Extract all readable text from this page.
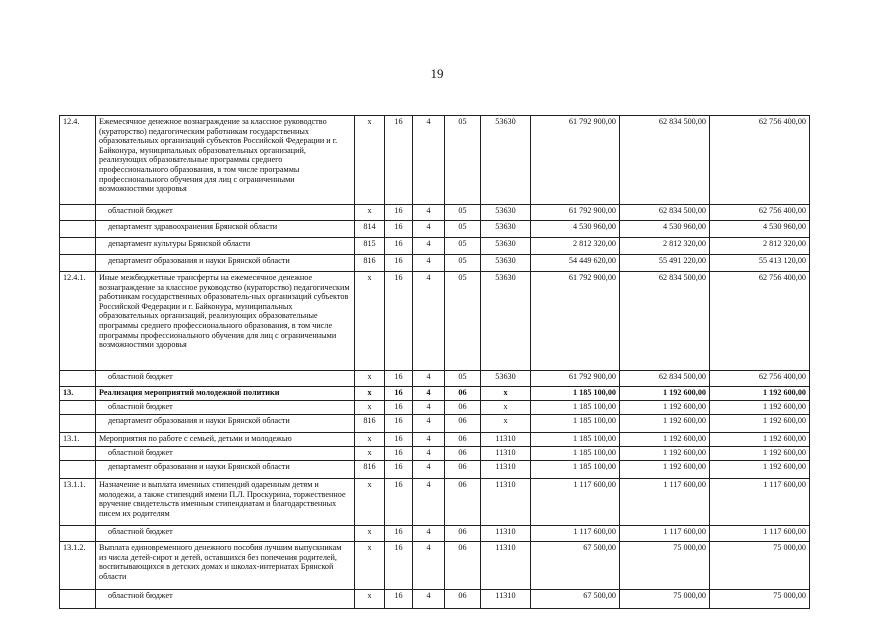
19
12.4.	Ежемесячное денежное вознаграждение за классное руководство (кураторство) педагогическим работникам государственных образовательных организаций субъектов Российской Федерации и г. Байконура, муниципальных образовательных организаций, реализующих образовательные программы среднего профессионального образования, в том числе программы профессионального обучения для лиц с ограниченными возможностями здоровья	x	16	4	05	53630	61 792 900,00	62 834 500,00	62 756 400,00
	областной бюджет	x	16	4	05	53630	61 792 900,00	62 834 500,00	62 756 400,00
	департамент здравоохранения Брянской области	814	16	4	05	53630	4 530 960,00	4 530 960,00	4 530 960,00
	департамент культуры Брянской области	815	16	4	05	53630	2 812 320,00	2 812 320,00	2 812 320,00
	департамент образования и науки Брянской области	816	16	4	05	53630	54 449 620,00	55 491 220,00	55 413 120,00
12.4.1.	Иные межбюджетные трансферты на ежемесячное денежное вознаграждение за классное руководство (кураторство) педагогическим работникам государственных образователь-ных организаций субъектов Российской Федерации и г. Байконура, муниципальных образовательных организаций, реализующих образовательные программы среднего профессионального образования, в том числе программы профессионального обучения для лиц с ограниченными возможностями здоровья	x	16	4	05	53630	61 792 900,00	62 834 500,00	62 756 400,00
	областной бюджет	x	16	4	05	53630	61 792 900,00	62 834 500,00	62 756 400,00
13.	Реализация мероприятий молодежной политики	x	16	4	06	x	1 185 100,00	1 192 600,00	1 192 600,00
	областной бюджет	x	16	4	06	x	1 185 100,00	1 192 600,00	1 192 600,00
	департамент образования и науки Брянской области	816	16	4	06	x	1 185 100,00	1 192 600,00	1 192 600,00
13.1.	Мероприятия по работе с семьей, детьми и молодежью	x	16	4	06	11310	1 185 100,00	1 192 600,00	1 192 600,00
	областной бюджет	x	16	4	06	11310	1 185 100,00	1 192 600,00	1 192 600,00
	департамент образования и науки Брянской области	816	16	4	06	11310	1 185 100,00	1 192 600,00	1 192 600,00
13.1.1.	Назначение и выплата именных стипендий одаренным детям и молодежи, а также стипендий имени П.Л. Проскурина, торжественное вручение свидетельств именным стипендиатам и благодарственных писем их родителям	x	16	4	06	11310	1 117 600,00	1 117 600,00	1 117 600,00
	областной бюджет	x	16	4	06	11310	1 117 600,00	1 117 600,00	1 117 600,00
13.1.2.	Выплата единовременного денежного пособия лучшим выпускникам из числа детей-сирот и детей, оставшихся без попечения родителей, воспитывающихся в детских домах и школах-интернатах Брянской области	x	16	4	06	11310	67 500,00	75 000,00	75 000,00
	областной бюджет	x	16	4	06	11310	67 500,00	75 000,00	75 000,00
